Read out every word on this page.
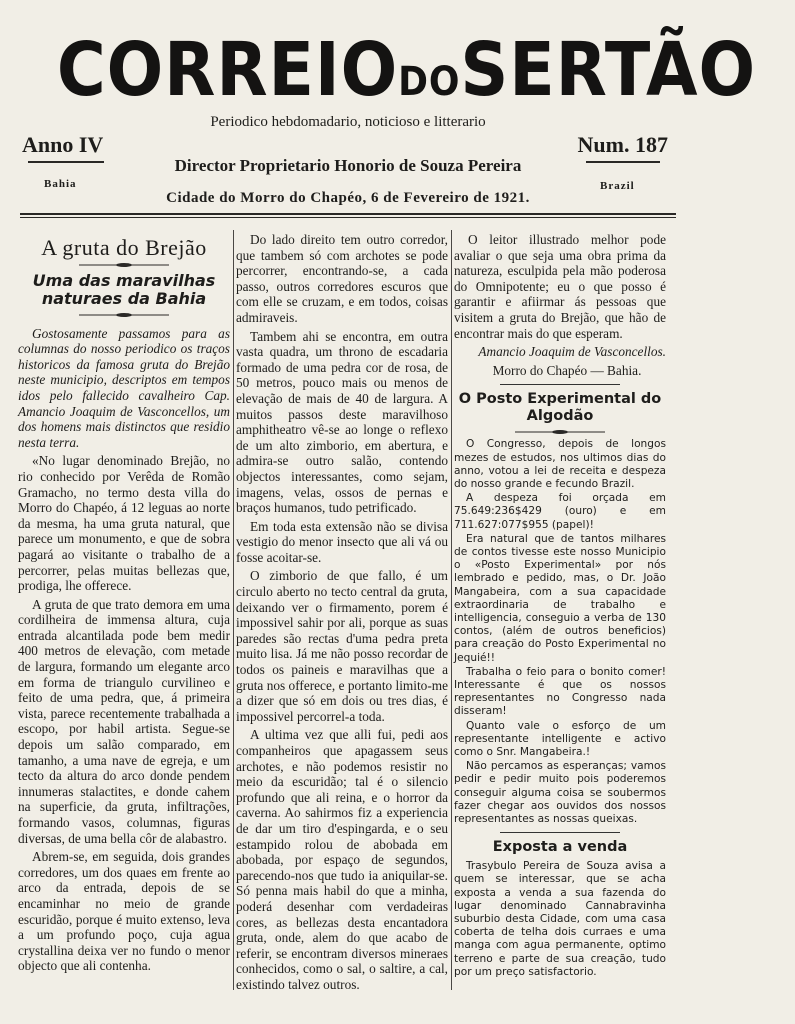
CORREIODOSERTÃO
Periodico hebdomadario, noticioso e litterario
Anno IV	Num. 187
Director Proprietario Honorio de Souza Pereira
Bahia	Brazil
Cidade do Morro do Chapéo, 6 de Fevereiro de 1921.
A gruta do Brejão
Uma das maravilhas naturaes da Bahia

Gostosamente passamos para as columnas do nosso periodico os traços historicos da famosa gruta do Brejão neste municipio, descriptos em tempos idos pelo fallecido cavalheiro Cap. Amancio Joaquim de Vasconcellos, um dos homens mais distinctos que residio nesta terra.

«No lugar denominado Brejão, no rio conhecido por Verêda de Romão Gramacho, no termo desta villa do Morro do Chapéo, á 12 leguas ao norte da mesma, ha uma gruta natural, que parece um monumento, e que de sobra pagará ao visitante o trabalho de a percorrer, pelas muitas bellezas que, prodiga, lhe offerece.

A gruta de que trato demora em uma cordilheira de immensa altura, cuja entrada alcantilada pode bem medir 400 metros de elevação, com metade de largura, formando um elegante arco em forma de triangulo curvilineo e feito de uma pedra, que, á primeira vista, parece recentemente trabalhada a escopo, por habil artista. Segue-se depois um salão comparado, em tamanho, a uma nave de egreja, e um tecto da altura do arco donde pendem innumeras stalactites, e donde cahem na superficie, da gruta, infiltrações, formando vasos, columnas, figuras diversas, de uma bella côr de alabastro.

Abrem-se, em seguida, dois grandes corredores, um dos quaes em frente ao arco da entrada, depois de se encaminhar no meio de grande escuridão, porque é muito extenso, leva a um profundo poço, cuja agua crystallina deixa ver no fundo o menor objecto que ali contenha.

Do lado direito tem outro corredor, que tambem só com archotes se pode percorrer, encontrando-se, a cada passo, outros corredores escuros que com elle se cruzam, e em todos, coisas admiraveis.

Tambem ahi se encontra, em outra vasta quadra, um throno de escadaria formado de uma pedra cor de rosa, de 50 metros, pouco mais ou menos de elevação de mais de 40 de largura. A muitos passos deste maravilhoso amphitheatro vê-se ao longe o reflexo de um alto zimborio, em abertura, e admira-se outro salão, contendo objectos interessantes, como sejam, imagens, velas, ossos de pernas e braços humanos, tudo petrificado.

Em toda esta extensão não se divisa vestigio do menor insecto que ali vá ou fosse acoitar-se.

O zimborio de que fallo, é um circulo aberto no tecto central da gruta, deixando ver o firmamento, porem é impossivel sahir por ali, porque as suas paredes são rectas d'uma pedra preta muito lisa. Já me não posso recordar de todos os paineis e maravilhas que a gruta nos offerece, e portanto limito-me a dizer que só em dois ou tres dias, é impossivel percorrel-a toda.

A ultima vez que alli fui, pedi aos companheiros que apagassem seus archotes, e não podemos resistir no meio da escuridão; tal é o silencio profundo que ali reina, e o horror da caverna. Ao sahirmos fiz a experiencia de dar um tiro d'espingarda, e o seu estampido rolou de abobada em abobada, por espaço de segundos, parecendo-nos que tudo ia aniquilar-se. Só penna mais habil do que a minha, poderá desenhar com verdadeiras cores, as bellezas desta encantadora gruta, onde, alem do que acabo de referir, se encontram diversos mineraes conhecidos, como o sal, o saltire, a cal, existindo talvez outros.

O leitor illustrado melhor pode avaliar o que seja uma obra prima da natureza, esculpida pela mão poderosa do Omnipotente; eu o que posso é garantir e afiirmar ás pessoas que visitem a gruta do Brejão, que hão de encontrar mais do que esperam.

Amancio Joaquim de Vasconcellos.

Morro do Chapéo — Bahia.

O Posto Experimental do Algodão

O Congresso, depois de longos mezes de estudos, nos ultimos dias do anno, votou a lei de receita e despeza do nosso grande e fecundo Brazil.

A despeza foi orçada em 75.649:236$429 (ouro) e em 711.627:077$955 (papel)!

Era natural que de tantos milhares de contos tivesse este nosso Municipio o «Posto Experimental» por nós lembrado e pedido, mas, o Dr. João Mangabeira, com a sua capacidade extraordinaria de trabalho e intelligencia, conseguio a verba de 130 contos, (além de outros beneficios) para creação do Posto Experimental no Jequié!!

Trabalha o feio para o bonito comer! Interessante é que os nossos representantes no Congresso nada disseram!

Quanto vale o esforço de um representante intelligente e activo como o Snr. Mangabeira.!

Não percamos as esperanças; vamos pedir e pedir muito pois poderemos conseguir alguma coisa se soubermos fazer chegar aos ouvidos dos nossos representantes as nossas queixas.

Exposta a venda

Trasybulo Pereira de Souza avisa a quem se interessar, que se acha exposta a venda a sua fazenda do lugar denominado Cannabravinha suburbio desta Cidade, com uma casa coberta de telha dois curraes e uma manga com agua permanente, optimo terreno e parte de sua creação, tudo por um preço satisfactorio.
